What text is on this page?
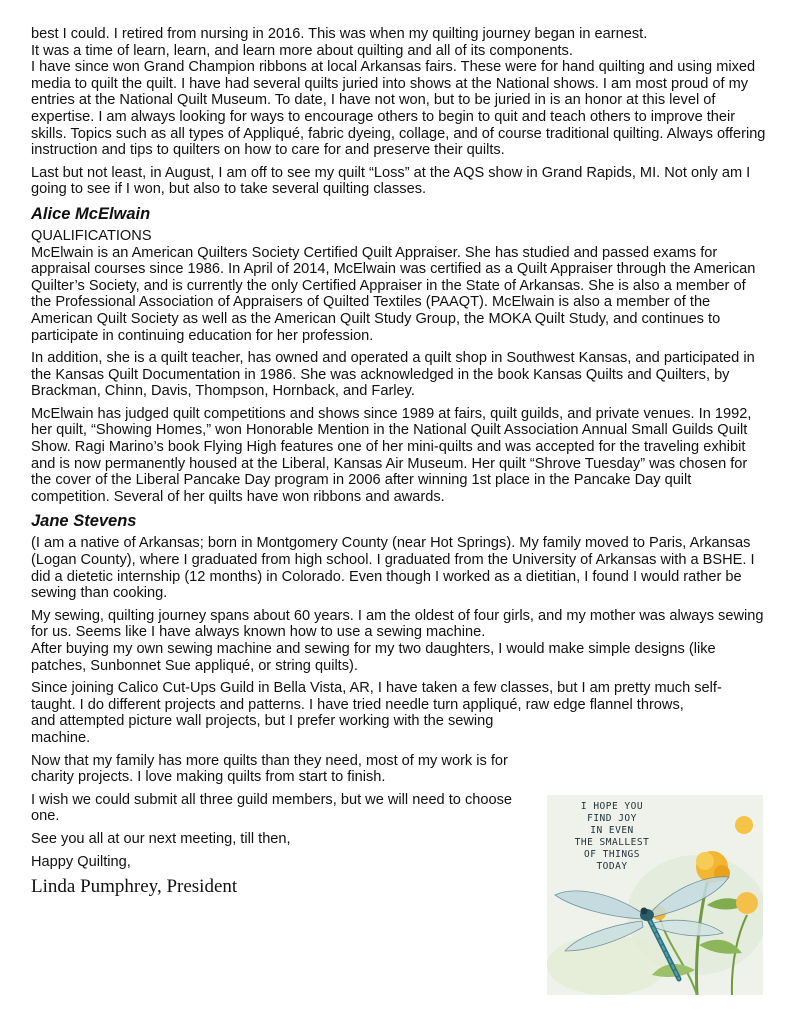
best I could. I retired from nursing in 2016. This was when my quilting journey began in earnest.
It was a time of learn, learn, and learn more about quilting and all of its components.
I have since won Grand Champion ribbons at local Arkansas fairs. These were for hand quilting and using mixed media to quilt the quilt. I have had several quilts juried into shows at the National shows. I am most proud of my entries at the National Quilt Museum. To date, I have not won, but to be juried in is an honor at this level of expertise. I am always looking for ways to encourage others to begin to quit and teach others to improve their skills. Topics such as all types of Appliqué, fabric dyeing, collage, and of course traditional quilting. Always offering instruction and tips to quilters on how to care for and preserve their quilts.

Last but not least, in August, I am off to see my quilt “Loss” at the AQS show in Grand Rapids, MI. Not only am I going to see if I won, but also to take several quilting classes.

Alice McElwain
QUALIFICATIONS

McElwain is an American Quilters Society Certified Quilt Appraiser. She has studied and passed exams for appraisal courses since 1986. In April of 2014, McElwain was certified as a Quilt Appraiser through the American Quilter’s Society, and is currently the only Certified Appraiser in the State of Arkansas. She is also a member of the Professional Association of Appraisers of Quilted Textiles (PAAQT). McElwain is also a member of the American Quilt Society as well as the American Quilt Study Group, the MOKA Quilt Study, and continues to participate in continuing education for her profession.

In addition, she is a quilt teacher, has owned and operated a quilt shop in Southwest Kansas, and participated in the Kansas Quilt Documentation in 1986. She was acknowledged in the book Kansas Quilts and Quilters, by Brackman, Chinn, Davis, Thompson, Hornback, and Farley.

McElwain has judged quilt competitions and shows since 1989 at fairs, quilt guilds, and private venues. In 1992, her quilt, “Showing Homes,” won Honorable Mention in the National Quilt Association Annual Small Guilds Quilt Show. Ragi Marino’s book Flying High features one of her mini-quilts and was accepted for the traveling exhibit and is now permanently housed at the Liberal, Kansas Air Museum. Her quilt “Shrove Tuesday” was chosen for the cover of the Liberal Pancake Day program in 2006 after winning 1st place in the Pancake Day quilt competition. Several of her quilts have won ribbons and awards.

Jane Stevens

(I am a native of Arkansas; born in Montgomery County (near Hot Springs). My family moved to Paris, Arkansas (Logan County), where I graduated from high school. I graduated from the University of Arkansas with a BSHE. I did a dietetic internship (12 months) in Colorado. Even though I worked as a dietitian, I found I would rather be sewing than cooking.

My sewing, quilting journey spans about 60 years. I am the oldest of four girls, and my mother was always sewing for us. Seems like I have always known how to use a sewing machine.
After buying my own sewing machine and sewing for my two daughters, I would make simple designs (like patches, Sunbonnet Sue appliqué, or string quilts).

Since joining Calico Cut-Ups Guild in Bella Vista, AR, I have taken a few classes, but I am pretty much self-taught. I do different projects and patterns. I have tried needle turn appliqué, raw edge flannel throws,

and attempted picture wall projects, but I prefer working with the sewing machine.

Now that my family has more quilts than they need, most of my work is for charity projects. I love making quilts from start to finish.

I wish we could submit all three guild members, but we will need to choose one.

See you all at our next meeting, till then,

Happy Quilting,

Linda Pumphrey, President
I HOPE YOU
FIND JOY
IN EVEN
THE SMALLEST
OF THINGS
TODAY
